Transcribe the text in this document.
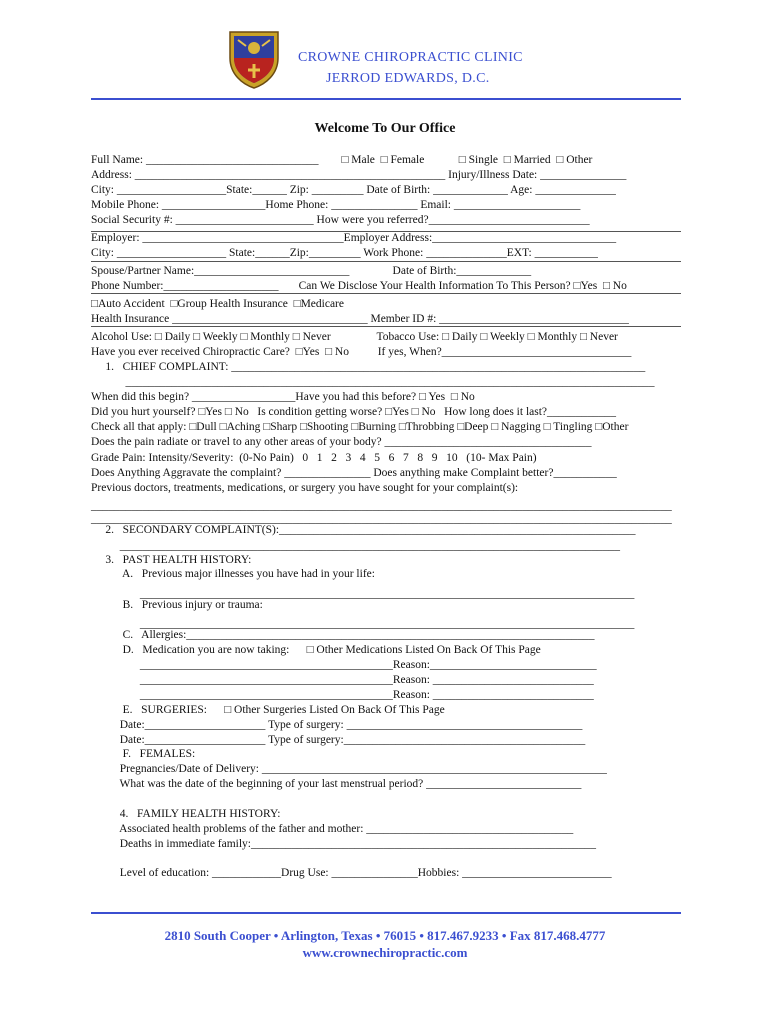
CROWNE CHIROPRACTIC CLINIC
JERROD EDWARDS, D.C.
Welcome To Our Office
Full Name: ______________________________        □ Male  □ Female            □ Single  □ Married  □ Other
Address: ______________________________________________________ Injury/Illness Date: _______________
City: ___________________State:______ Zip: _________ Date of Birth: _____________ Age: ______________
Mobile Phone: __________________Home Phone: _______________ Email: ______________________
Social Security #: ________________________ How were you referred?____________________________
Employer: ___________________________________Employer Address:________________________________
City: ___________________ State:______Zip:_________ Work Phone: ______________EXT: ___________
Spouse/Partner Name:___________________________               Date of Birth:_____________
Phone Number:____________________       Can We Disclose Your Health Information To This Person? □Yes  □ No
□Auto Accident  □Group Health Insurance  □Medicare
Health Insurance __________________________________ Member ID #: _________________________________
Alcohol Use: □ Daily □ Weekly □ Monthly □ Never                Tobacco Use: □ Daily □ Weekly □ Monthly □ Never
Have you ever received Chiropractic Care?  □Yes  □ No          If yes, When?_________________________________
1.   CHIEF COMPLAINT: ________________________________________________________________________
____________________________________________________________________________________________
When did this begin? __________________Have you had this before? □ Yes  □ No
Did you hurt yourself? □Yes □ No   Is condition getting worse? □Yes □ No   How long does it last?____________
Check all that apply: □Dull □Aching □Sharp □Shooting □Burning □Throbbing □Deep □ Nagging □ Tingling □Other
Does the pain radiate or travel to any other areas of your body? ____________________________________
Grade Pain: Intensity/Severity:  (0-No Pain)   0   1   2   3   4   5   6   7   8   9   10   (10- Max Pain)
Does Anything Aggravate the complaint? _______________ Does anything make Complaint better?___________
Previous doctors, treatments, medications, or surgery you have sought for your complaint(s):
_____________________________________________________________________________________________________
_____________________________________________________________________________________________________
2.   SECONDARY COMPLAINT(S):______________________________________________________________
_______________________________________________________________________________________
3.   PAST HEALTH HISTORY:
A.   Previous major illnesses you have had in your life:
______________________________________________________________________________________
B.   Previous injury or trauma:
______________________________________________________________________________________
C.   Allergies:_______________________________________________________________________
D.   Medication you are now taking:      □ Other Medications Listed On Back Of This Page
____________________________________________Reason:_____________________________
____________________________________________Reason: ____________________________
____________________________________________Reason: ____________________________
E.   SURGERIES:      □ Other Surgeries Listed On Back Of This Page
Date:_____________________ Type of surgery: _________________________________________
Date:_____________________ Type of surgery:__________________________________________
F.   FEMALES:
Pregnancies/Date of Delivery: ____________________________________________________________
What was the date of the beginning of your last menstrual period? ___________________________
4.   FAMILY HEALTH HISTORY:
Associated health problems of the father and mother: ____________________________________
Deaths in immediate family:____________________________________________________________
Level of education: ____________Drug Use: _______________Hobbies: __________________________
2810 South Cooper • Arlington, Texas • 76015 • 817.467.9233 • Fax 817.468.4777
www.crownechiropractic.com
